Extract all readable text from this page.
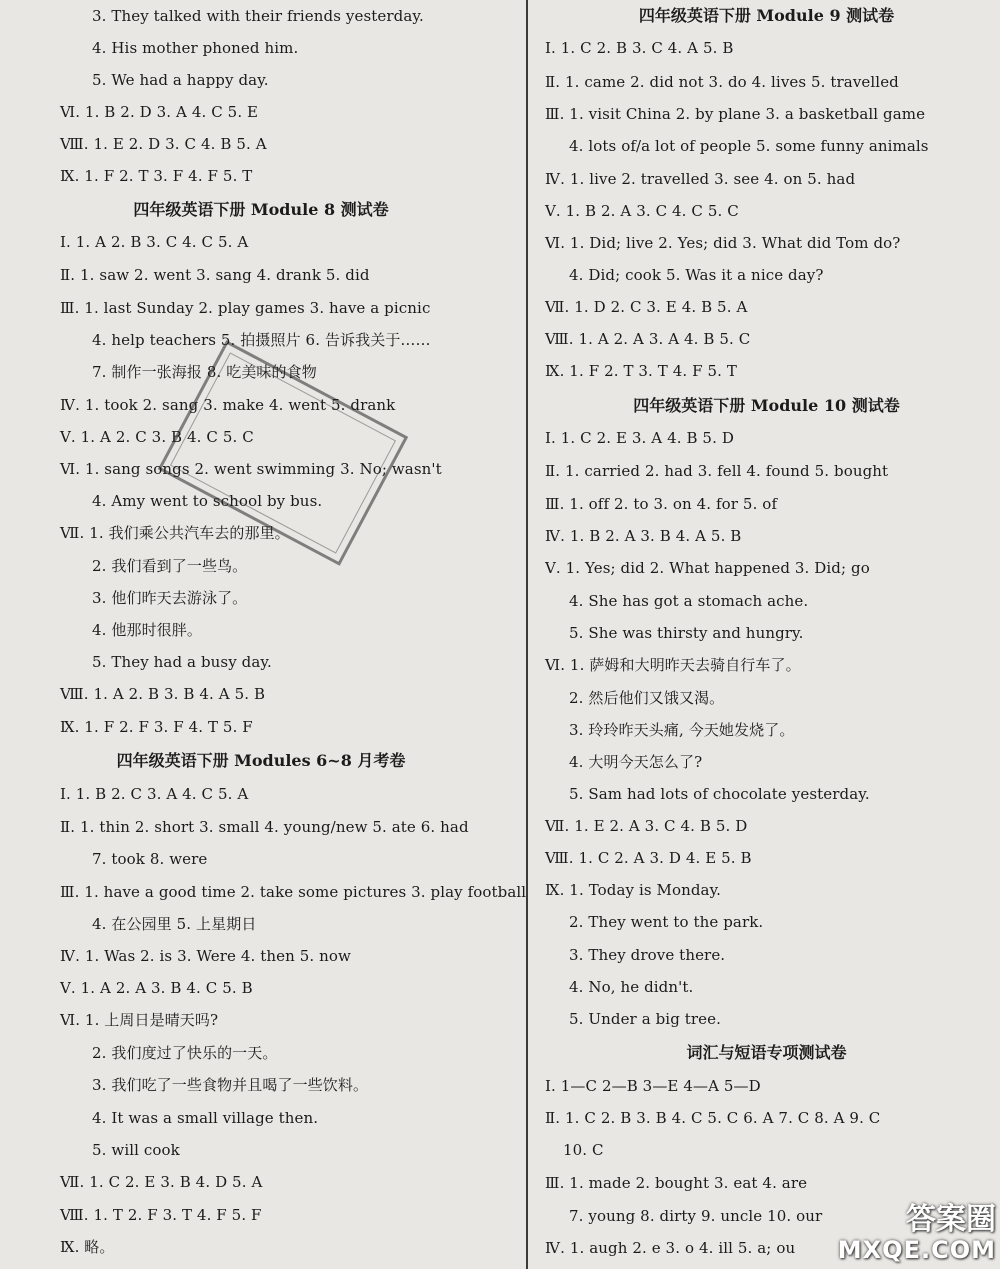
3. They talked with their friends yesterday.
4. His mother phoned him.
5. We had a happy day.
Ⅵ. 1. B 2. D 3. A 4. C 5. E
Ⅷ. 1. E 2. D 3. C 4. B 5. A
Ⅸ. 1. F 2. T 3. F 4. F 5. T
四年级英语下册 Module 8 测试卷
Ⅰ. 1. A 2. B 3. C 4. C 5. A
Ⅱ. 1. saw 2. went 3. sang 4. drank 5. did
Ⅲ. 1. last Sunday 2. play games 3. have a picnic
4. help teachers 5. 拍摄照片 6. 告诉我关于……
7. 制作一张海报 8. 吃美味的食物
Ⅳ. 1. took 2. sang 3. make 4. went 5. drank
Ⅴ. 1. A 2. C 3. B 4. C 5. C
Ⅵ. 1. sang songs 2. went swimming 3. No; wasn't
4. Amy went to school by bus.
Ⅶ. 1. 我们乘公共汽车去的那里。
2. 我们看到了一些鸟。
3. 他们昨天去游泳了。
4. 他那时很胖。
5. They had a busy day.
Ⅷ. 1. A 2. B 3. B 4. A 5. B
Ⅸ. 1. F 2. F 3. F 4. T 5. F
四年级英语下册 Modules 6~8 月考卷
Ⅰ. 1. B 2. C 3. A 4. C 5. A
Ⅱ. 1. thin 2. short 3. small 4. young/new 5. ate 6. had
7. took 8. were
Ⅲ. 1. have a good time 2. take some pictures 3. play football
4. 在公园里 5. 上星期日
Ⅳ. 1. Was 2. is 3. Were 4. then 5. now
Ⅴ. 1. A 2. A 3. B 4. C 5. B
Ⅵ. 1. 上周日是晴天吗?
2. 我们度过了快乐的一天。
3. 我们吃了一些食物并且喝了一些饮料。
4. It was a small village then.
5. will cook
Ⅶ. 1. C 2. E 3. B 4. D 5. A
Ⅷ. 1. T 2. F 3. T 4. F 5. F
Ⅸ. 略。
四年级英语下册 Module 9 测试卷
Ⅰ. 1. C 2. B 3. C 4. A 5. B
Ⅱ. 1. came 2. did not 3. do 4. lives 5. travelled
Ⅲ. 1. visit China 2. by plane 3. a basketball game
4. lots of/a lot of people 5. some funny animals
Ⅳ. 1. live 2. travelled 3. see 4. on 5. had
Ⅴ. 1. B 2. A 3. C 4. C 5. C
Ⅵ. 1. Did; live 2. Yes; did 3. What did Tom do?
4. Did; cook 5. Was it a nice day?
Ⅶ. 1. D 2. C 3. E 4. B 5. A
Ⅷ. 1. A 2. A 3. A 4. B 5. C
Ⅸ. 1. F 2. T 3. T 4. F 5. T
四年级英语下册 Module 10 测试卷
Ⅰ. 1. C 2. E 3. A 4. B 5. D
Ⅱ. 1. carried 2. had 3. fell 4. found 5. bought
Ⅲ. 1. off 2. to 3. on 4. for 5. of
Ⅳ. 1. B 2. A 3. B 4. A 5. B
Ⅴ. 1. Yes; did 2. What happened 3. Did; go
4. She has got a stomach ache.
5. She was thirsty and hungry.
Ⅵ. 1. 萨姆和大明昨天去骑自行车了。
2. 然后他们又饿又渴。
3. 玲玲昨天头痛, 今天她发烧了。
4. 大明今天怎么了?
5. Sam had lots of chocolate yesterday.
Ⅶ. 1. E 2. A 3. C 4. B 5. D
Ⅷ. 1. C 2. A 3. D 4. E 5. B
Ⅸ. 1. Today is Monday.
2. They went to the park.
3. They drove there.
4. No, he didn't.
5. Under a big tree.
词汇与短语专项测试卷
Ⅰ. 1—C 2—B 3—E 4—A 5—D
Ⅱ. 1. C 2. B 3. B 4. C 5. C 6. A 7. C 8. A 9. C
10. C
Ⅲ. 1. made 2. bought 3. eat 4. are
7. young 8. dirty 9. uncle 10. our
Ⅳ. 1. augh 2. e 3. o 4. ill 5. a; ou
答案圈
MXQE.COM
